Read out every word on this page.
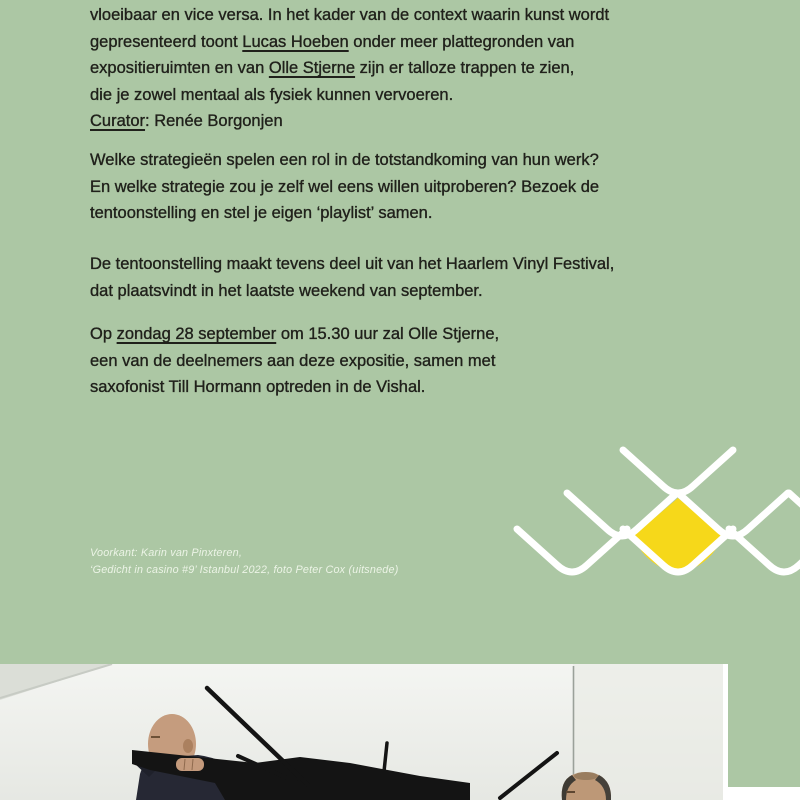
vloeibaar en vice versa. In het kader van de context waarin kunst wordt
gepresenteerd toont Lucas Hoeben onder meer plattegronden van
expositieruimten en van Olle Stjerne zijn er talloze trappen te zien,
die je zowel mentaal als fysiek kunnen vervoeren.
Curator: Renée Borgonjen
Welke strategieën spelen een rol in de totstandkoming van hun werk?
En welke strategie zou je zelf wel eens willen uitproberen? Bezoek de
tentoonstelling en stel je eigen ‘playlist’ samen.
De tentoonstelling maakt tevens deel uit van het Haarlem Vinyl Festival,
dat plaatsvindt in het laatste weekend van september.
Op zondag 28 september om 15.30 uur zal Olle Stjerne,
een van de deelnemers aan deze expositie, samen met
saxofonist Till Hormann optreden in de Vishal.
Voorkant: Karin van Pinxteren,
‘Gedicht in casino #9’ Istanbul 2022, foto Peter Cox (uitsnede)
